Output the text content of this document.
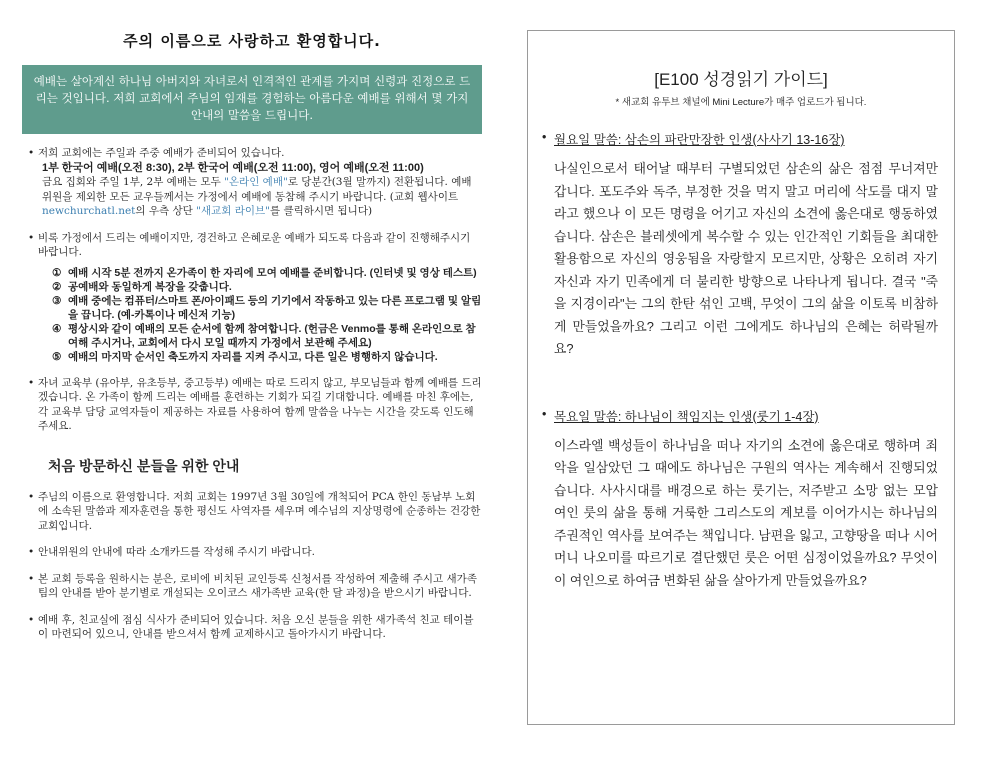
주의 이름으로 사랑하고 환영합니다.
예배는 살아계신 하나님 아버지와 자녀로서 인격적인 관계를 가지며 신령과 진정으로 드리는 것입니다. 저희 교회에서 주님의 임재를 경험하는 아름다운 예배를 위해서 몇 가지 안내의 말씀을 드립니다.
• 저희 교회에는 주일과 주중 예배가 준비되어 있습니다.
1부 한국어 예배(오전 8:30), 2부 한국어 예배(오전 11:00), 영어 예배(오전 11:00)
금요 집회와 주일 1부, 2부 예배는 모두 "온라인 예배"로 당분간(3월 말까지) 전환됩니다. 예배 위원을 제외한 모든 교우들께서는 가정에서 예배에 동참해 주시기 바랍니다. (교회 웹사이트 newchurchatl.net의 우측 상단 "새교회 라이브"를 클릭하시면 됩니다)
• 비록 가정에서 드리는 예배이지만, 경건하고 은혜로운 예배가 되도록 다음과 같이 진행해주시기 바랍니다.
① 예배 시작 5분 전까지 온가족이 한 자리에 모여 예배를 준비합니다. (인터넷 및 영상 테스트)
② 공예배와 동일하게 복장을 갖춥니다.
③ 예배 중에는 컴퓨터/스마트 폰/아이패드 등의 기기에서 작동하고 있는 다른 프로그램 및 알림을 끕니다. (예-카톡이나 메신저 기능)
④ 평상시와 같이 예배의 모든 순서에 함께 참여합니다. (헌금은 Venmo를 통해 온라인으로 참여해 주시거나, 교회에서 다시 모일 때까지 가정에서 보관해 주세요)
⑤ 예배의 마지막 순서인 축도까지 자리를 지켜 주시고, 다른 일은 병행하지 않습니다.
• 자녀 교육부 (유아부, 유초등부, 중고등부) 예배는 따로 드리지 않고, 부모님들과 함께 예배를 드리겠습니다. 온 가족이 함께 드리는 예배를 훈련하는 기회가 되길 기대합니다. 예배를 마친 후에는, 각 교육부 담당 교역자들이 제공하는 자료를 사용하여 함께 말씀을 나누는 시간을 갖도록 인도해 주세요.
처음 방문하신 분들을 위한 안내
• 주님의 이름으로 환영합니다. 저희 교회는 1997년 3월 30일에 개척되어 PCA 한인 동남부 노회에 소속된 말씀과 제자훈련을 통한 평신도 사역자를 세우며 예수님의 지상명령에 순종하는 건강한 교회입니다.
• 안내위원의 안내에 따라 소개카드를 작성해 주시기 바랍니다.
• 본 교회 등록을 원하시는 분은, 로비에 비치된 교인등록 신청서를 작성하여 제출해 주시고 새가족 팀의 안내를 받아 분기별로 개설되는 오이코스 새가족반 교육(한 달 과정)을 받으시기 바랍니다.
• 예배 후, 친교실에 점심 식사가 준비되어 있습니다. 처음 오신 분들을 위한 새가족석 친교 테이블이 마련되어 있으니, 안내를 받으셔서 함께 교제하시고 돌아가시기 바랍니다.
[E100 성경읽기 가이드]
* 새교회 유투브 채널에 Mini Lecture가 매주 업로드가 됩니다.
• 월요일 말씀: 삼손의 파란만장한 인생(사사기 13-16장)
나실인으로서 태어날 때부터 구별되었던 삼손의 삶은 점점 무너져만 갑니다. 포도주와 독주, 부정한 것을 먹지 말고 머리에 삭도를 대지 말라고 했으나 이 모든 명령을 어기고 자신의 소견에 옳은대로 행동하였습니다. 삼손은 블레셋에게 복수할 수 있는 인간적인 기회들을 최대한 활용함으로 자신의 영웅됨을 자랑할지 모르지만, 상황은 오히려 자기 자신과 자기 민족에게 더 불리한 방향으로 나타나게 됩니다. 결국 "죽을 지경이라"는 그의 한탄 섞인 고백, 무엇이 그의 삶을 이토록 비참하게 만들었을까요? 그리고 이런 그에게도 하나님의 은혜는 허락될까요?
• 목요일 말씀: 하나님이 책임지는 인생(룻기 1-4장)
이스라엘 백성들이 하나님을 떠나 자기의 소견에 옳은대로 행하며 죄악을 일삼았던 그 때에도 하나님은 구원의 역사는 계속해서 진행되었습니다. 사사시대를 배경으로 하는 룻기는, 저주받고 소망 없는 모압 여인 룻의 삶을 통해 거룩한 그리스도의 계보를 이어가시는 하나님의 주권적인 역사를 보여주는 책입니다. 남편을 잃고, 고향땅을 떠나 시어머니 나오미를 따르기로 결단했던 룻은 어떤 심정이었을까요? 무엇이 이 여인으로 하여금 변화된 삶을 살아가게 만들었을까요?
